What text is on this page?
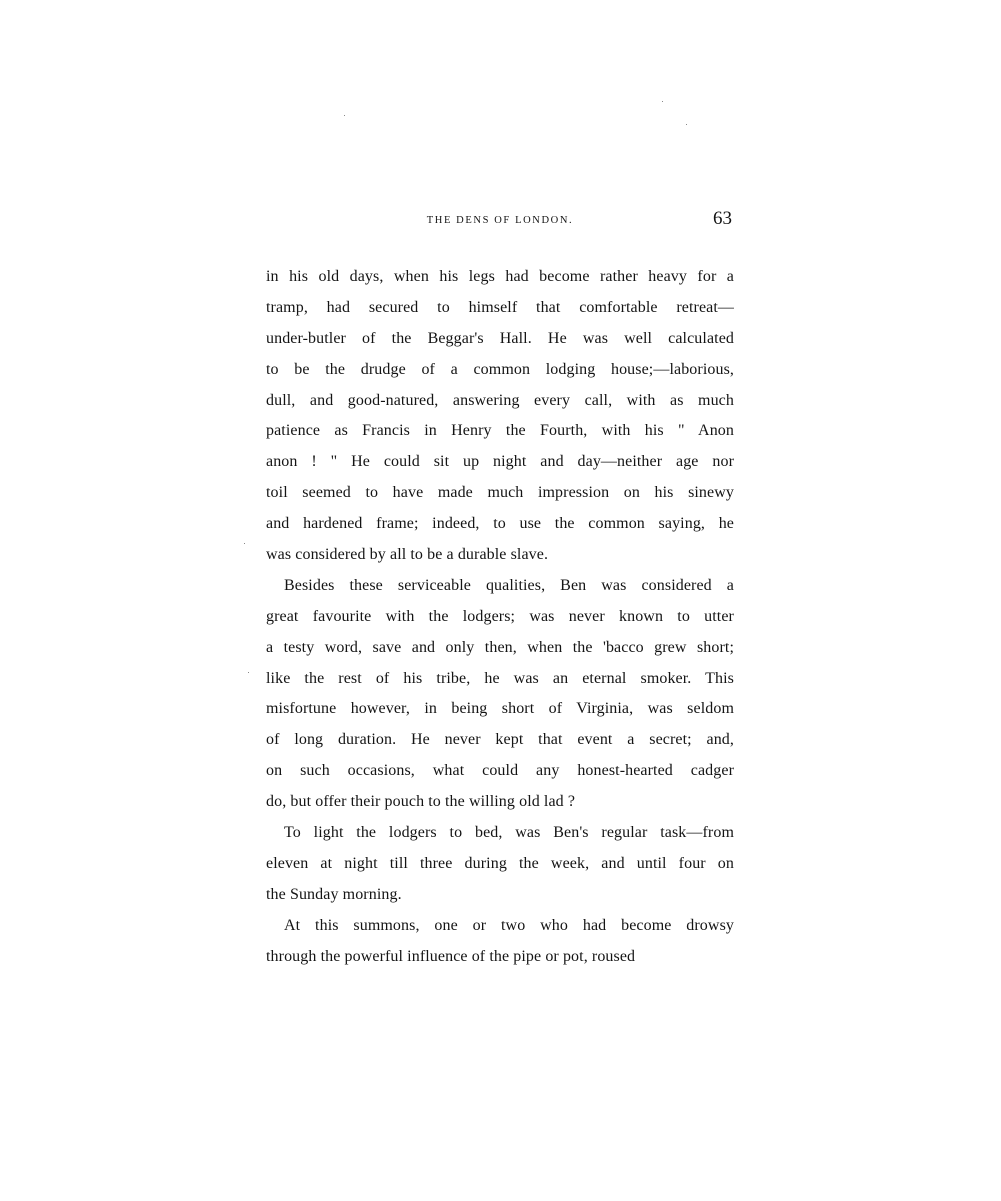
THE DENS OF LONDON.	63
in his old days, when his legs had become rather heavy for a
tramp, had secured to himself that comfortable retreat—
under-butler of the Beggar's Hall. He was well calculated
to be the drudge of a common lodging house;—laborious,
dull, and good-natured, answering every call, with as much
patience as Francis in Henry the Fourth, with his " Anon
anon ! " He could sit up night and day—neither age nor
toil seemed to have made much impression on his sinewy
and hardened frame; indeed, to use the common saying, he
was considered by all to be a durable slave.
Besides these serviceable qualities, Ben was considered a
great favourite with the lodgers; was never known to utter
a testy word, save and only then, when the 'bacco grew short;
like the rest of his tribe, he was an eternal smoker. This
misfortune however, in being short of Virginia, was seldom
of long duration. He never kept that event a secret; and,
on such occasions, what could any honest-hearted cadger
do, but offer their pouch to the willing old lad ?
To light the lodgers to bed, was Ben's regular task—from
eleven at night till three during the week, and until four on
the Sunday morning.
At this summons, one or two who had become drowsy
through the powerful influence of the pipe or pot, roused
